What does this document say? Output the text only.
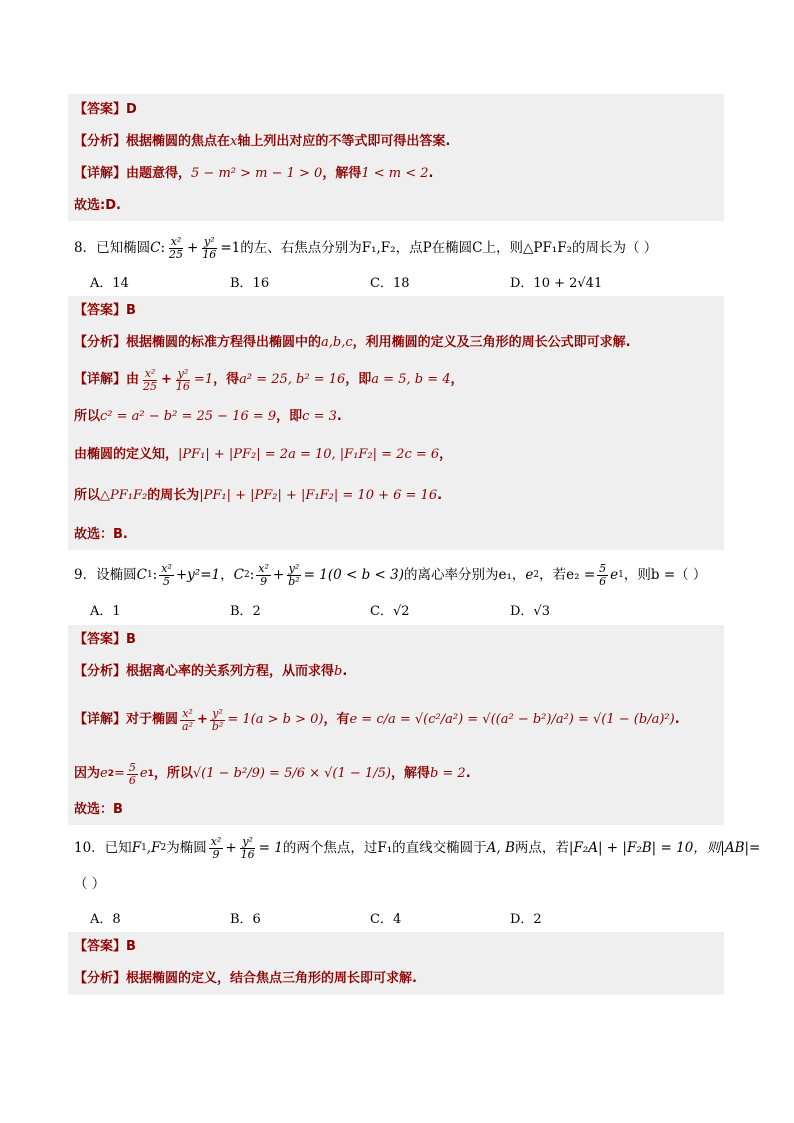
【答案】D
【分析】根据椭圆的焦点在 x 轴上列出对应的不等式即可得出答案.
【详解】由题意得， 5 − m² > m − 1 > 0 ，解得 1 < m < 2 .
故选:D.
8．已知椭圆 C : $\frac{\text{x²}}{25} + \frac{\text{y²}}{16} =1$ 的左、右焦点分别为F₁,F₂，点P在椭圆C上，则△PF₁F₂的周长为（ ）
A．14	B．16	C．18	D．10 + 2√41
【答案】B
【分析】根据椭圆的标准方程得出椭圆中的 a,b,c ，利用椭圆的定义及三角形的周长公式即可求解.
【详解】由 $\frac{\text{x²}}{25} + \frac{\text{y²}}{16} =1$ ，得 a² = 25, b² = 16 ，即 a = 5, b = 4 ，
所以 c² = a² − b² = 25 − 16 = 9 ，即 c = 3 .
由椭圆的定义知， |PF₁| + |PF₂| = 2a = 10, |F₁F₂| = 2c = 6 ，
所以 △PF₁F₂ 的周长为 |PF₁| + |PF₂| + |F₁F₂| = 10 + 6 = 16 .
故选：B.
9．设椭圆 C 1 : $\frac{\text{x²}}{5} +y^2=1$ ， C 2 : $\frac{\text{x²}}{9} + \frac{\text{y²}}{\text{b²}} = 1(0 < b < 3)$ 的离心率分别为e₁， e 2 ，若$e_2 = \frac{5}{6}$ e 1 ，则b =（ ）
A．1	B．2	C．√2	D．√3
【答案】B
【分析】根据离心率的关系列方程，从而求得 b .
【详解】对于椭圆 $\frac{\text{x²}}{\text{a²}} + \frac{\text{y²}}{\text{b²}} = 1(a > b > 0)$ ，有 e = c/a = √(c²/a²) = √((a² − b²)/a²) = √(1 − (b/a)²) .
因为 e $2 = \frac{5}{6}$ e 1 ，所以 √(1 − b²/9) = 5/6 × √(1 − 1/5) ，解得 b = 2 .
故选：B
10．已知 F 1 ,F 2 为椭圆 $\frac{\text{x²}}{9} + \frac{\text{y²}}{16} = 1$ 的两个焦点，过F₁的直线交椭圆于 A, B 两点，若 |F₂A| + |F₂B| = 10，则|AB|=
（ ）
A．8	B．6	C．4	D．2
【答案】B
【分析】根据椭圆的定义，结合焦点三角形的周长即可求解.
